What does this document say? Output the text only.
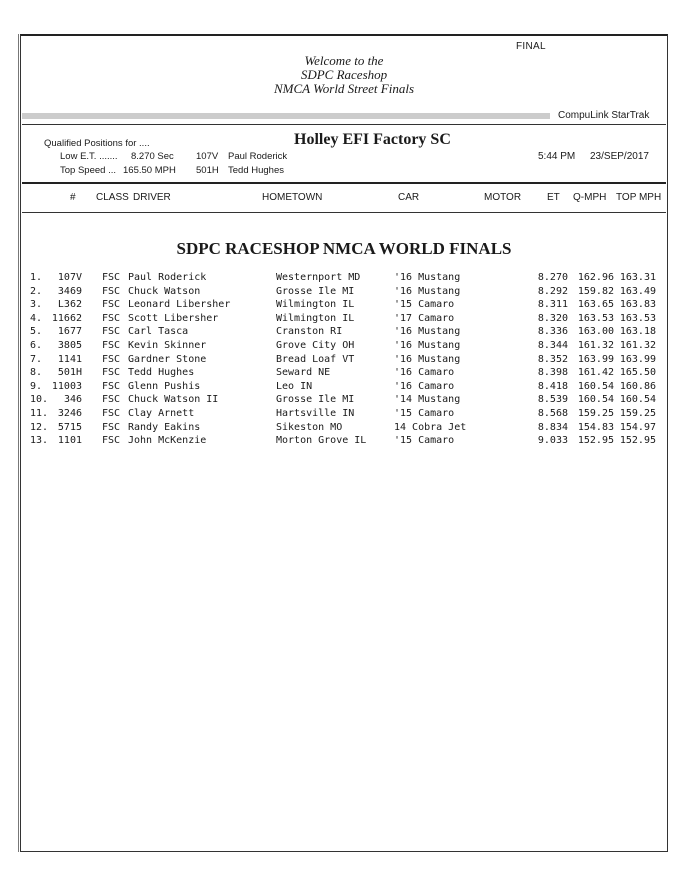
FINAL
Welcome to the
SDPC Raceshop
NMCA World Street Finals
CompuLink StarTrak
Qualified Positions for ....	Holley EFI Factory SC
Low E.T. ....... 8.270 Sec 107V Paul Roderick
Top Speed ... 165.50 MPH 501H Tedd Hughes
5:44 PM 23/SEP/2017
# CLASS DRIVER	HOMETOWN	CAR	MOTOR	ET Q-MPH TOP MPH
SDPC RACESHOP NMCA WORLD FINALS
1.	107V FSC Paul Roderick	Westernport MD	'16 Mustang	8.270 162.96 163.31
2.	3469 FSC Chuck Watson	Grosse Ile MI	'16 Mustang	8.292 159.82 163.49
3.	L362 FSC Leonard Libersher	Wilmington IL	'15 Camaro	8.311 163.65 163.83
4. 11662 FSC Scott Libersher	Wilmington IL	'17 Camaro	8.320 163.53 163.53
5.	1677 FSC Carl Tasca	Cranston RI	'16 Mustang	8.336 163.00 163.18
6.	3805 FSC Kevin Skinner	Grove City OH	'16 Mustang	8.344 161.32 161.32
7.	1141 FSC Gardner Stone	Bread Loaf VT	'16 Mustang	8.352 163.99 163.99
8.	501H FSC Tedd Hughes	Seward NE	'16 Camaro	8.398 161.42 165.50
9. 11003 FSC Glenn Pushis	Leo IN	'16 Camaro	8.418 160.54 160.86
10.	346 FSC Chuck Watson II	Grosse Ile MI	'14 Mustang	8.539 160.54 160.54
11. 3246 FSC Clay Arnett	Hartsville IN	'15 Camaro	8.568 159.25 159.25
12. 5715 FSC Randy Eakins	Sikeston MO	14 Cobra Jet	8.834 154.83 154.97
13. 1101 FSC John McKenzie	Morton Grove IL	'15 Camaro	9.033 152.95 152.95
